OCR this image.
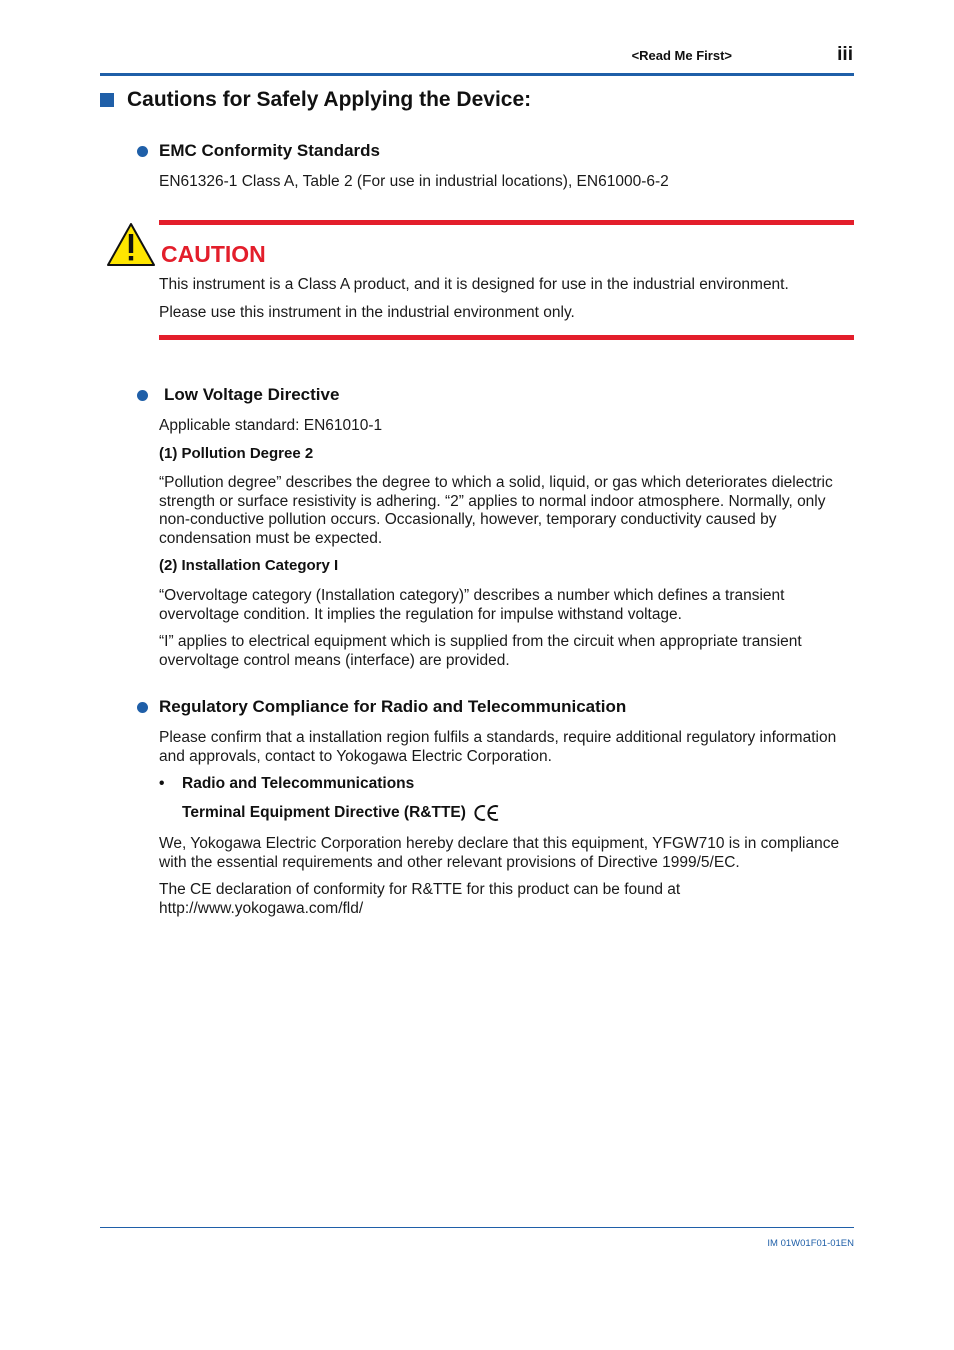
<Read Me First>	iii
Cautions for Safely Applying the Device:
EMC Conformity Standards
EN61326-1 Class A, Table 2 (For use in industrial locations), EN61000-6-2
CAUTION
This instrument is a Class A product, and it is designed for use in the industrial environment.
Please use this instrument in the industrial environment only.
Low Voltage Directive
Applicable standard: EN61010-1
(1) Pollution Degree 2
“Pollution degree” describes the degree to which a solid, liquid, or gas which deteriorates dielectric strength or surface resistivity is adhering. “2” applies to normal indoor atmosphere. Normally, only non-conductive pollution occurs. Occasionally, however, temporary conductivity caused by condensation must be expected.
(2) Installation Category I
“Overvoltage category (Installation category)” describes a number which defines a transient overvoltage condition. It implies the regulation for impulse withstand voltage.
“I” applies to electrical equipment which is supplied from the circuit when appropriate transient overvoltage control means (interface) are provided.
Regulatory Compliance for Radio and Telecommunication
Please confirm that a installation region fulfils a standards, require additional regulatory information and approvals, contact to Yokogawa Electric Corporation.
•	Radio and Telecommunications
Terminal Equipment Directive (R&TTE)
We, Yokogawa Electric Corporation hereby declare that this equipment, YFGW710 is in compliance with the essential requirements and other relevant provisions of Directive 1999/5/EC.
The CE declaration of conformity for R&TTE for this product can be found at http://www.yokogawa.com/fld/
IM 01W01F01-01EN
